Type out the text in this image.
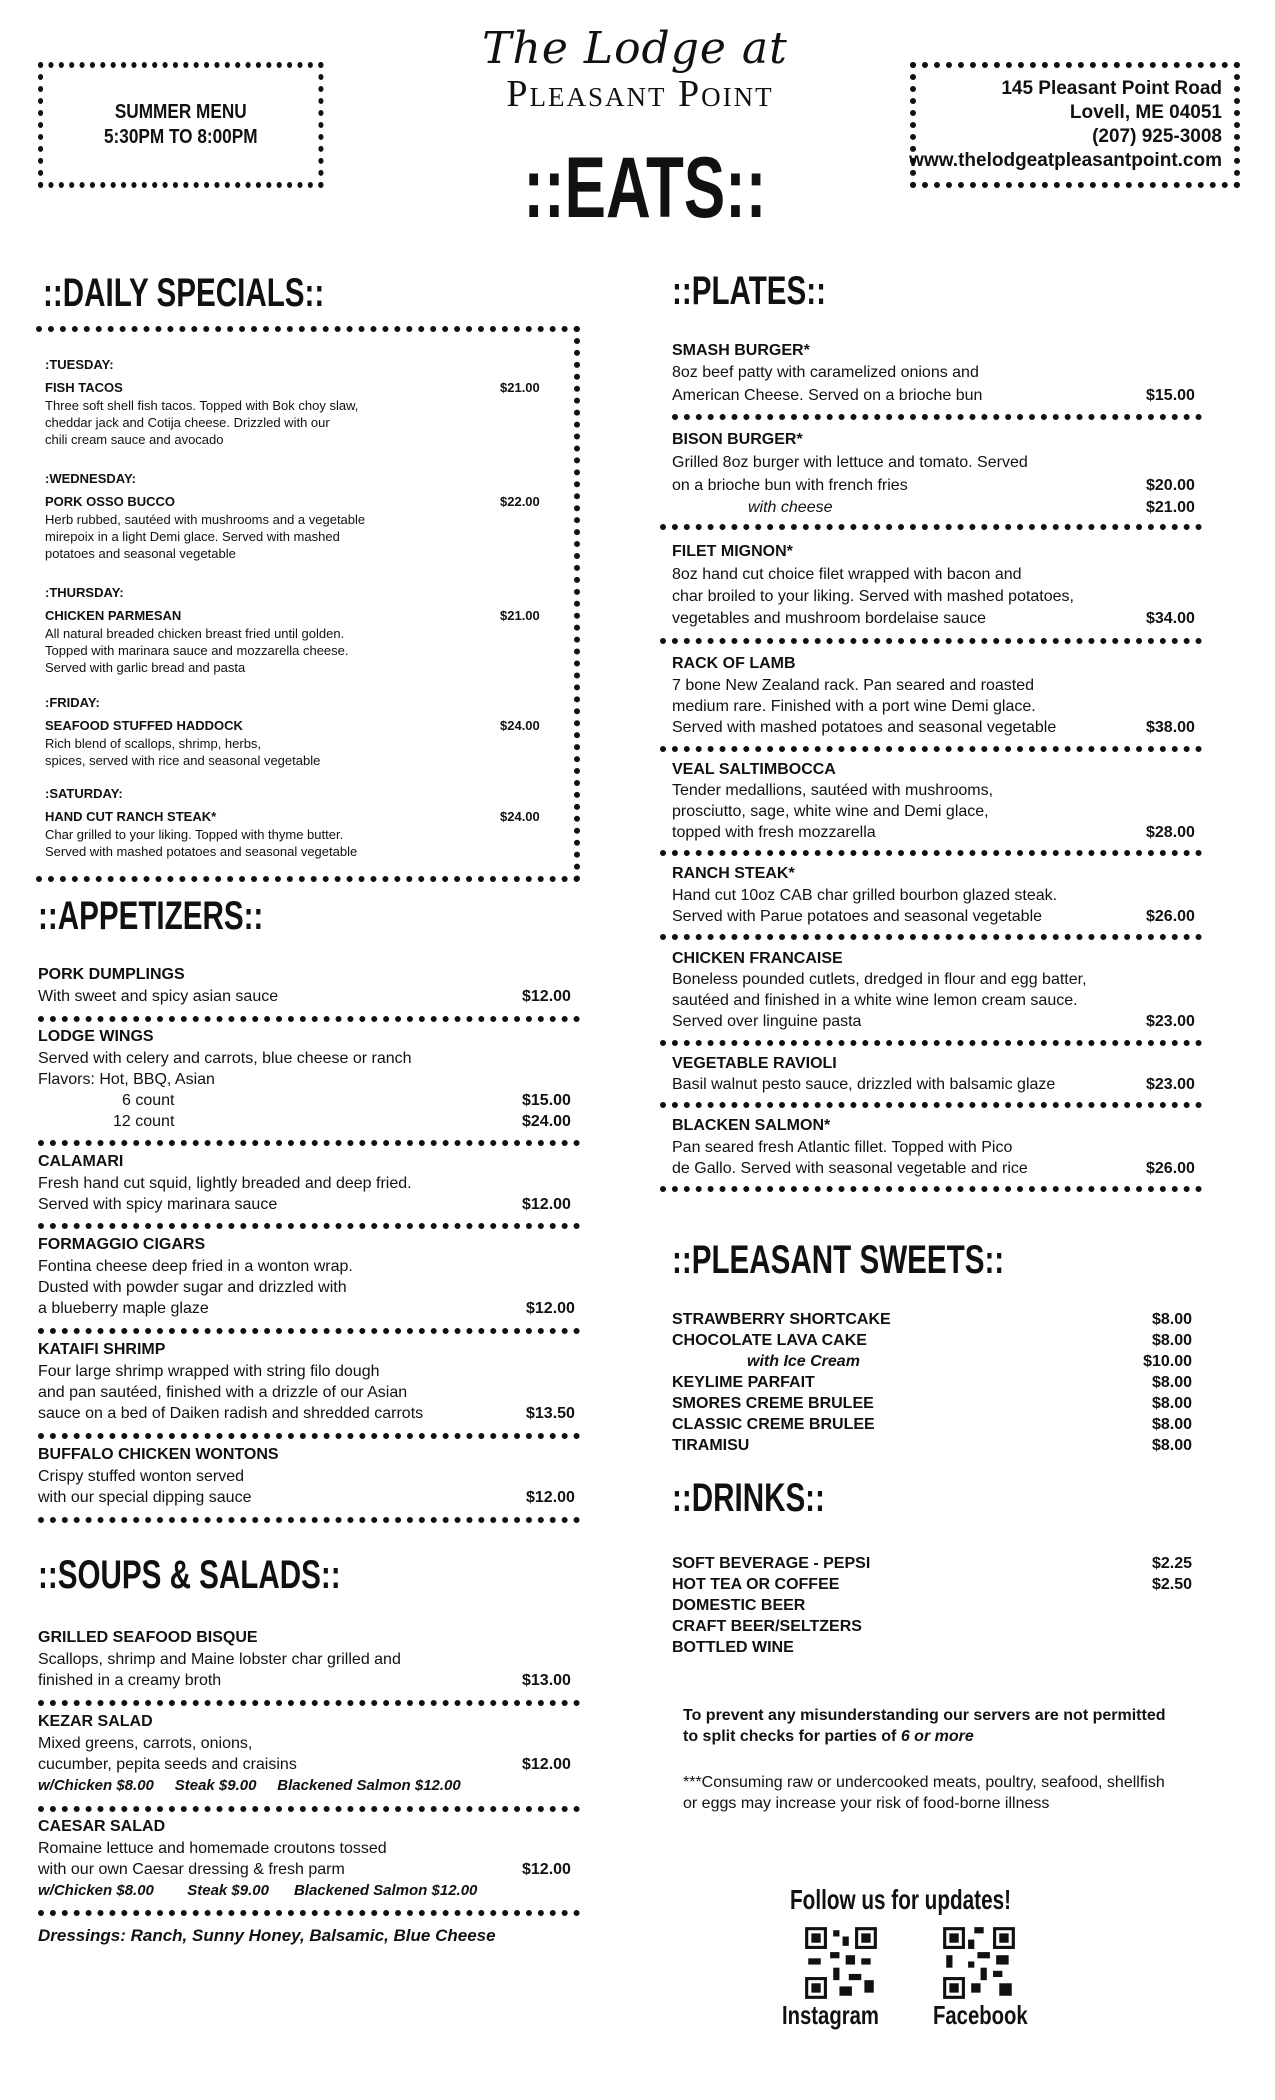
SUMMER MENU
5:30PM TO 8:00PM
The Lodge at
Pleasant Point
::EATS::
145 Pleasant Point Road
Lovell, ME 04051
(207) 925-3008
www.thelodgeatpleasantpoint.com
::DAILY SPECIALS::
:TUESDAY:
FISH TACOS	$21.00
Three soft shell fish tacos. Topped with Bok choy slaw,
cheddar jack and Cotija cheese. Drizzled with our
chili cream sauce and avocado
:WEDNESDAY:
PORK OSSO BUCCO	$22.00
Herb rubbed, sautéed with mushrooms and a vegetable
mirepoix in a light Demi glace. Served with mashed
potatoes and seasonal vegetable
:THURSDAY:
CHICKEN PARMESAN	$21.00
All natural breaded chicken breast fried until golden.
Topped with marinara sauce and mozzarella cheese.
Served with garlic bread and pasta
:FRIDAY:
SEAFOOD STUFFED HADDOCK	$24.00
Rich blend of scallops, shrimp, herbs,
spices, served with rice and seasonal vegetable
:SATURDAY:
HAND CUT RANCH STEAK*	$24.00
Char grilled to your liking. Topped with thyme butter.
Served with mashed potatoes and seasonal vegetable
::APPETIZERS::
PORK DUMPLINGS
With sweet and spicy asian sauce	$12.00
LODGE WINGS
Served with celery and carrots, blue cheese or ranch
Flavors: Hot, BBQ, Asian
6 count	$15.00
12 count	$24.00
CALAMARI
Fresh hand cut squid, lightly breaded and deep fried.
Served with spicy marinara sauce	$12.00
FORMAGGIO CIGARS
Fontina cheese deep fried in a wonton wrap.
Dusted with powder sugar and drizzled with
a blueberry maple glaze	$12.00
KATAIFI SHRIMP
Four large shrimp wrapped with string filo dough
and pan sautéed, finished with a drizzle of our Asian
sauce on a bed of Daiken radish and shredded carrots	$13.50
BUFFALO CHICKEN WONTONS
Crispy stuffed wonton served
with our special dipping sauce	$12.00
::SOUPS & SALADS::
GRILLED SEAFOOD BISQUE
Scallops, shrimp and Maine lobster char grilled and
finished in a creamy broth	$13.00
KEZAR SALAD
Mixed greens, carrots, onions,
cucumber, pepita seeds and craisins	$12.00
w/Chicken $8.00     Steak $9.00     Blackened Salmon $12.00
CAESAR SALAD
Romaine lettuce and homemade croutons tossed
with our own Caesar dressing & fresh parm	$12.00
w/Chicken $8.00        Steak $9.00      Blackened Salmon $12.00
Dressings: Ranch, Sunny Honey, Balsamic, Blue Cheese
::PLATES::
SMASH BURGER*
8oz beef patty with caramelized onions and
American Cheese. Served on a brioche bun	$15.00
BISON BURGER*
Grilled 8oz burger with lettuce and tomato. Served
on a brioche bun with french fries	$20.00
with cheese	$21.00
FILET MIGNON*
8oz hand cut choice filet wrapped with bacon and
char broiled to your liking. Served with mashed potatoes,
vegetables and mushroom bordelaise sauce	$34.00
RACK OF LAMB
7 bone New Zealand rack. Pan seared and roasted
medium rare. Finished with a port wine Demi glace.
Served with mashed potatoes and seasonal vegetable	$38.00
VEAL SALTIMBOCCA
Tender medallions, sautéed with mushrooms,
prosciutto, sage, white wine and Demi glace,
topped with fresh mozzarella	$28.00
RANCH STEAK*
Hand cut 10oz CAB char grilled bourbon glazed steak.
Served with Parue potatoes and seasonal vegetable	$26.00
CHICKEN FRANCAISE
Boneless pounded cutlets, dredged in flour and egg batter,
sautéed and finished in a white wine lemon cream sauce.
Served over linguine pasta	$23.00
VEGETABLE RAVIOLI
Basil walnut pesto sauce, drizzled with balsamic glaze	$23.00
BLACKEN SALMON*
Pan seared fresh Atlantic fillet. Topped with Pico
de Gallo. Served with seasonal vegetable and rice	$26.00
::PLEASANT SWEETS::
STRAWBERRY SHORTCAKE	$8.00
CHOCOLATE LAVA CAKE	$8.00
with Ice Cream	$10.00
KEYLIME PARFAIT	$8.00
SMORES CREME BRULEE	$8.00
CLASSIC CREME BRULEE	$8.00
TIRAMISU	$8.00
::DRINKS::
SOFT BEVERAGE - PEPSI	$2.25
HOT TEA OR COFFEE	$2.50
DOMESTIC BEER
CRAFT BEER/SELTZERS
BOTTLED WINE
To prevent any misunderstanding our servers are not permitted
to split checks for parties of 6 or more
***Consuming raw or undercooked meats, poultry, seafood, shellfish
or eggs may increase your risk of food-borne illness
Follow us for updates!
Instagram Facebook
